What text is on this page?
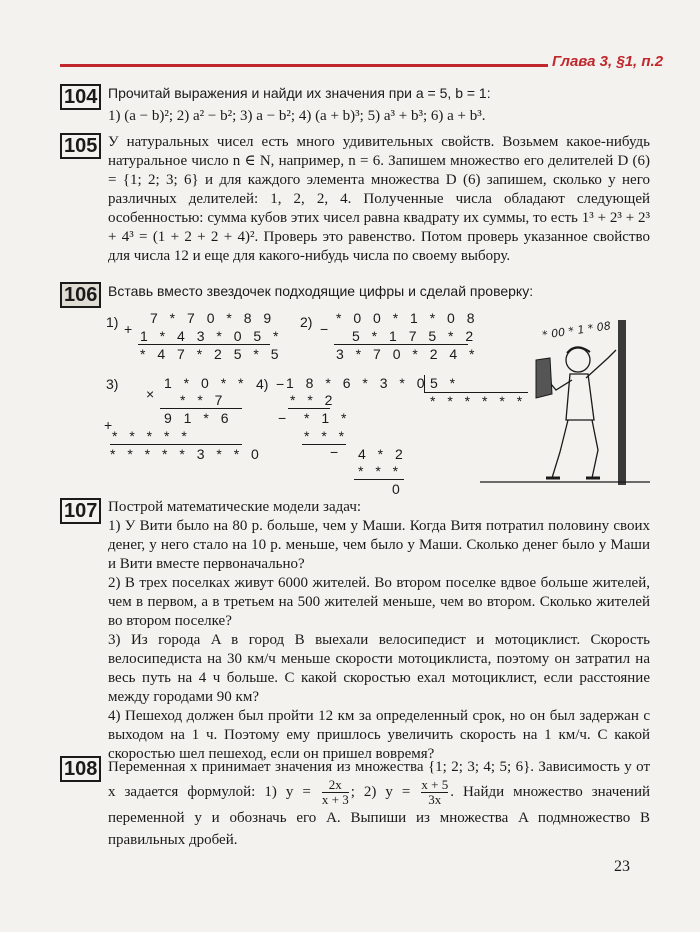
Глава 3, §1, п.2
104 Прочитай выражения и найди их значения при a = 5, b = 1:

1) (a − b)²; 2) a² − b²; 3) a − b²; 4) (a + b)³; 5) a³ + b³; 6) a + b³.

105 У натуральных чисел есть много удивительных свойств. Возьмем какое-нибудь натуральное число n ∈ N, например, n = 6. Запишем множество его делителей D (6) = {1; 2; 3; 6} и для каждого элемента множества D (6) запишем, сколько у него различных делителей: 1, 2, 2, 4. Полученные числа обладают следующей особенностью: сумма кубов этих чисел равна квадрату их суммы, то есть 1³ + 2³ + 2³ + 4³ = (1 + 2 + 2 + 4)². Проверь это равенство. Потом проверь указанное свойство для числа 12 и еще для какого-нибудь числа по своему выбору.

106 Вставь вместо звездочек подходящие цифры и сделай проверку:

1) +
7 * 7 0 * 8 9
1 * 4 3 * 0 5 *
* 4 7 * 2 5 * 5
2) −
* 0 0 * 1 * 0 8
5 * 1 7 5 * 2
3 * 7 0 * 2 4 *
3)
×
+
1 * 0 * *
* * 7
9 1 * 6
* * * * *
* * * * * 3 * * 0
4) −
−
−
1 8 * 6 * 3 * 0 5 *
* * * * * *
* * 2
* 1 *
* * *
4 * 2
* * *
0
* 00 * 1 * 08
107 Построй математические модели задач:

1) У Вити было на 80 р. больше, чем у Маши. Когда Витя потратил половину своих денег, у него стало на 10 р. меньше, чем было у Маши. Сколько денег было у Маши и Вити вместе первоначально?

2) В трех поселках живут 6000 жителей. Во втором поселке вдвое больше жителей, чем в первом, а в третьем на 500 жителей меньше, чем во втором. Сколько жителей во втором поселке?

3) Из города A в город B выехали велосипедист и мотоциклист. Скорость велосипедиста на 30 км/ч меньше скорости мотоциклиста, поэтому он затратил на весь путь на 4 ч больше. С какой скоростью ехал мотоциклист, если расстояние между городами 90 км?

4) Пешеход должен был пройти 12 км за определенный срок, но он был задержан с выходом на 1 ч. Поэтому ему пришлось увеличить скорость на 1 км/ч. С какой скоростью шел пешеход, если он пришел вовремя?

108 Переменная x принимает значения из множества {1; 2; 3; 4; 5; 6}. Зависимость y от x задается формулой: 1) $y = \frac{2x}{x + 3}$ ; 2) $y = \frac{x + 5}{3x}$ . Найди множество значений переменной y и обозначь его A. Выпиши из множества A подмножество B правильных дробей.
23
